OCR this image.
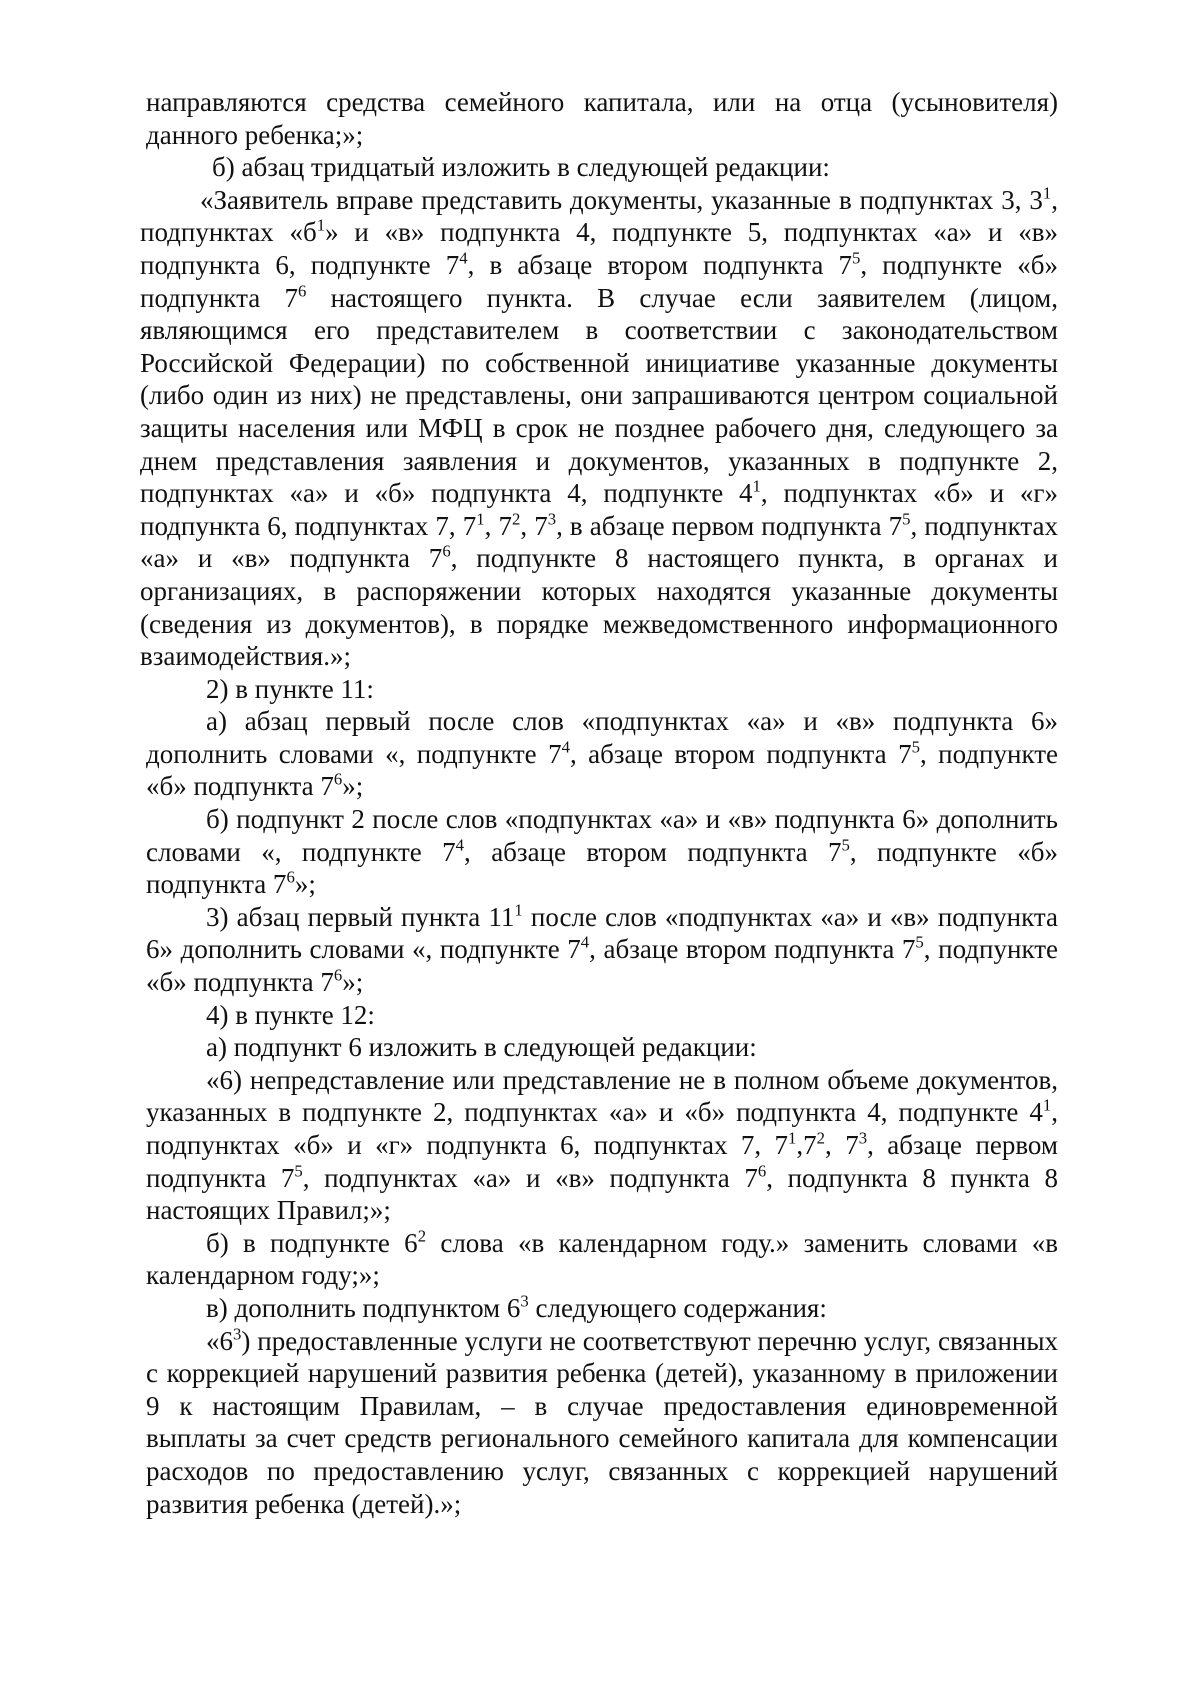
направляются средства семейного капитала, или на отца (усыновителя) данного ребенка;»;

б) абзац тридцатый изложить в следующей редакции:

«Заявитель вправе представить документы, указанные в подпунктах 3, $3^1$, подпунктах «$б^1$» и «в» подпункта 4, подпункте 5, подпунктах «а» и «в» подпункта 6, подпункте $7^4$, в абзаце втором подпункта $7^5$, подпункте «б» подпункта $7^6$ настоящего пункта. В случае если заявителем (лицом, являющимся его представителем в соответствии с законодательством Российской Федерации) по собственной инициативе указанные документы (либо один из них) не представлены, они запрашиваются центром социальной защиты населения или МФЦ в срок не позднее рабочего дня, следующего за днем представления заявления и документов, указанных в подпункте 2, подпунктах «а» и «б» подпункта 4, подпункте $4^1$, подпунктах «б» и «г» подпункта 6, подпунктах 7, $7^1$, $7^2$, $7^3$, в абзаце первом подпункта $7^5$, подпунктах «а» и «в» подпункта $7^6$, подпункте 8 настоящего пункта, в органах и организациях, в распоряжении которых находятся указанные документы (сведения из документов), в порядке межведомственного информационного взаимодействия.»;

2) в пункте 11:

а) абзац первый после слов «подпунктах «а» и «в» подпункта 6» дополнить словами «, подпункте $7^4$, абзаце втором подпункта $7^5$, подпункте «б» подпункта $7^6$»;

б) подпункт 2 после слов «подпунктах «а» и «в» подпункта 6» дополнить словами «, подпункте $7^4$, абзаце втором подпункта $7^5$, подпункте «б» подпункта $7^6$»;

3) абзац первый пункта $11^1$ после слов «подпунктах «а» и «в» подпункта 6» дополнить словами «, подпункте $7^4$, абзаце втором подпункта $7^5$, подпункте «б» подпункта $7^6$»;

4) в пункте 12:

а) подпункт 6 изложить в следующей редакции:

«6) непредставление или представление не в полном объеме документов, указанных в подпункте 2, подпунктах «а» и «б» подпункта 4, подпункте $4^1$, подпунктах «б» и «г» подпункта 6, подпунктах 7, $7^1,7^2$, $7^3$, абзаце первом подпункта $7^5$, подпунктах «а» и «в» подпункта $7^6$, подпункта 8 пункта 8 настоящих Правил;»;

б) в подпункте $6^2$ слова «в календарном году.» заменить словами «в календарном году;»;

в) дополнить подпунктом $6^3$ следующего содержания:

«$6^3$) предоставленные услуги не соответствуют перечню услуг, связанных с коррекцией нарушений развития ребенка (детей), указанному в приложении 9 к настоящим Правилам, – в случае предоставления единовременной выплаты за счет средств регионального семейного капитала для компенсации расходов по предоставлению услуг, связанных с коррекцией нарушений развития ребенка (детей).»;
